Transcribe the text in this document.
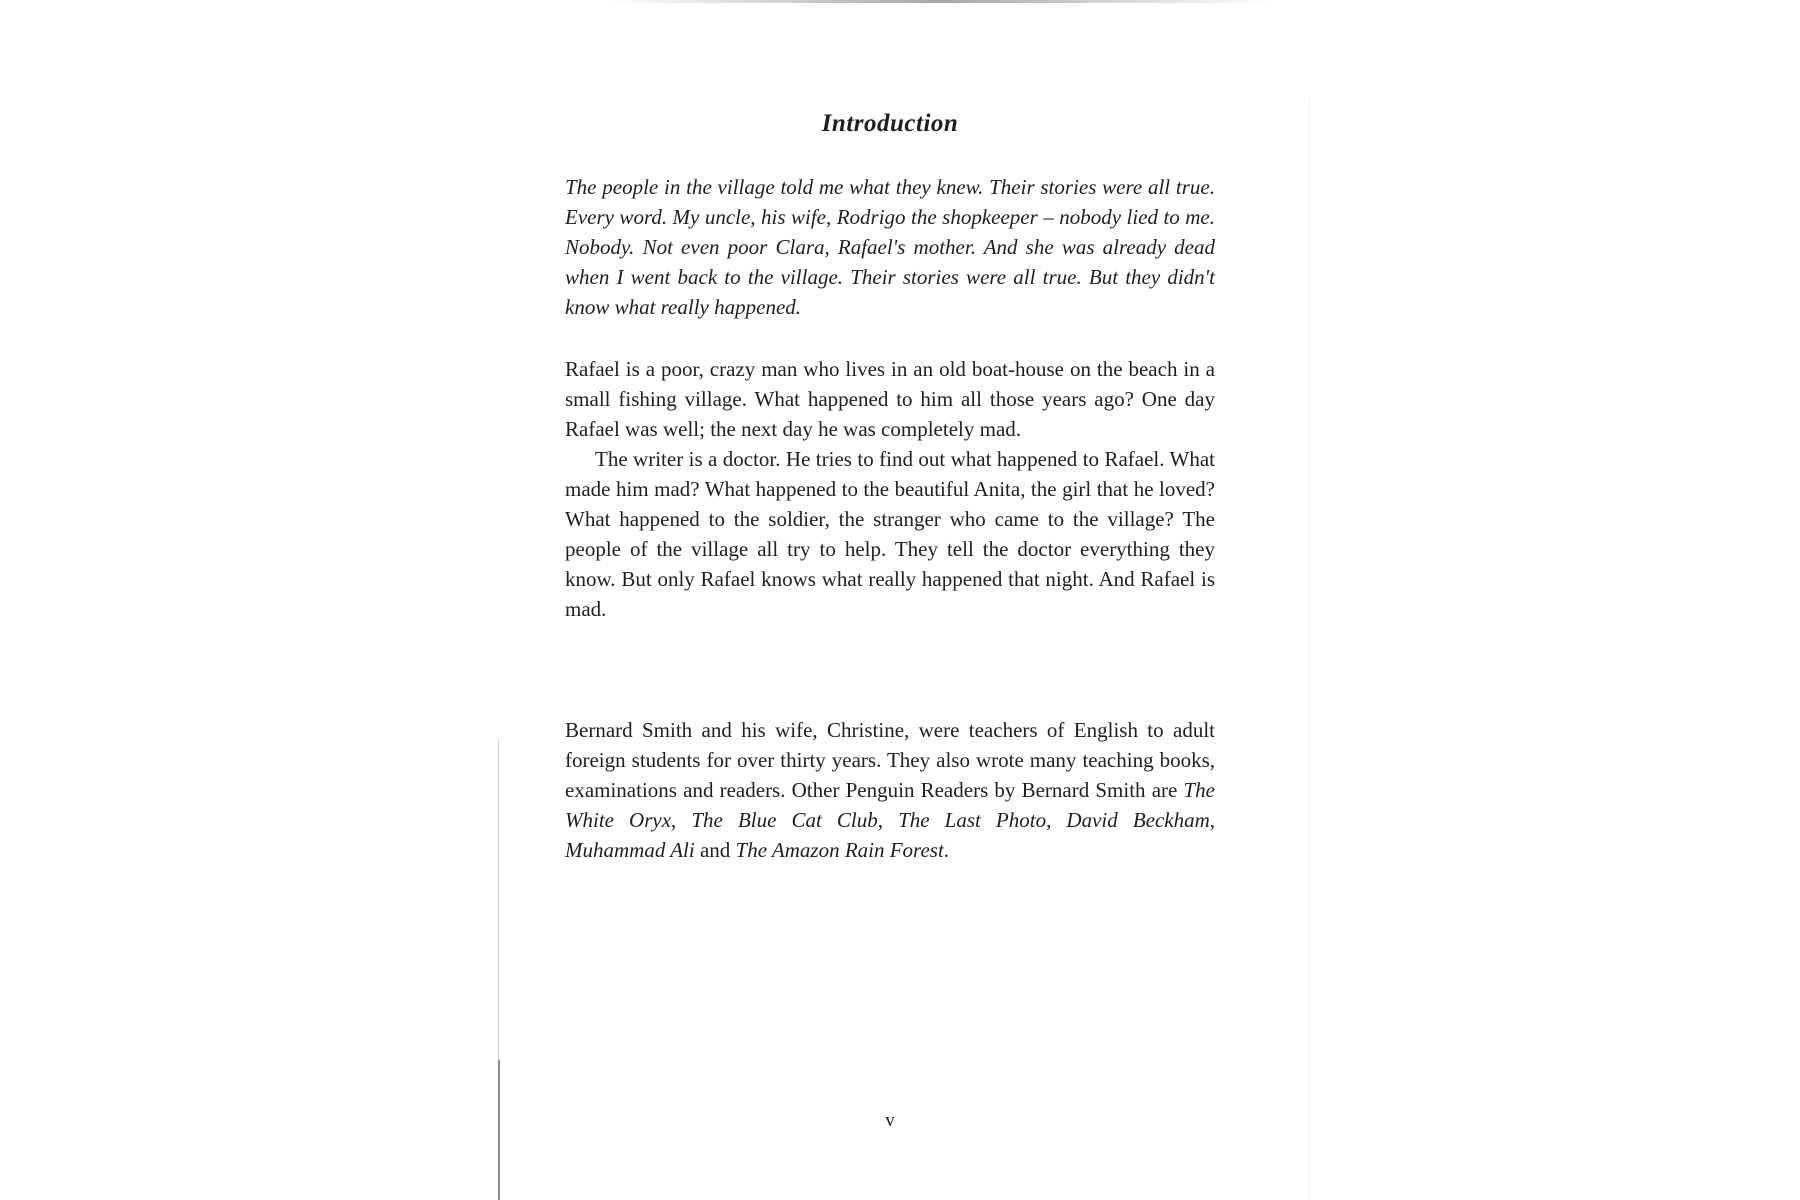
Introduction

The people in the village told me what they knew. Their stories were all true. Every word. My uncle, his wife, Rodrigo the shopkeeper – nobody lied to me. Nobody. Not even poor Clara, Rafael's mother. And she was already dead when I went back to the village. Their stories were all true. But they didn't know what really happened.

Rafael is a poor, crazy man who lives in an old boat-house on the beach in a small fishing village. What happened to him all those years ago? One day Rafael was well; the next day he was completely mad.

The writer is a doctor. He tries to find out what happened to Rafael. What made him mad? What happened to the beautiful Anita, the girl that he loved? What happened to the soldier, the stranger who came to the village? The people of the village all try to help. They tell the doctor everything they know. But only Rafael knows what really happened that night. And Rafael is mad.

Bernard Smith and his wife, Christine, were teachers of English to adult foreign students for over thirty years. They also wrote many teaching books, examinations and readers. Other Penguin Readers by Bernard Smith are The White Oryx, The Blue Cat Club, The Last Photo, David Beckham, Muhammad Ali and The Amazon Rain Forest.

v
